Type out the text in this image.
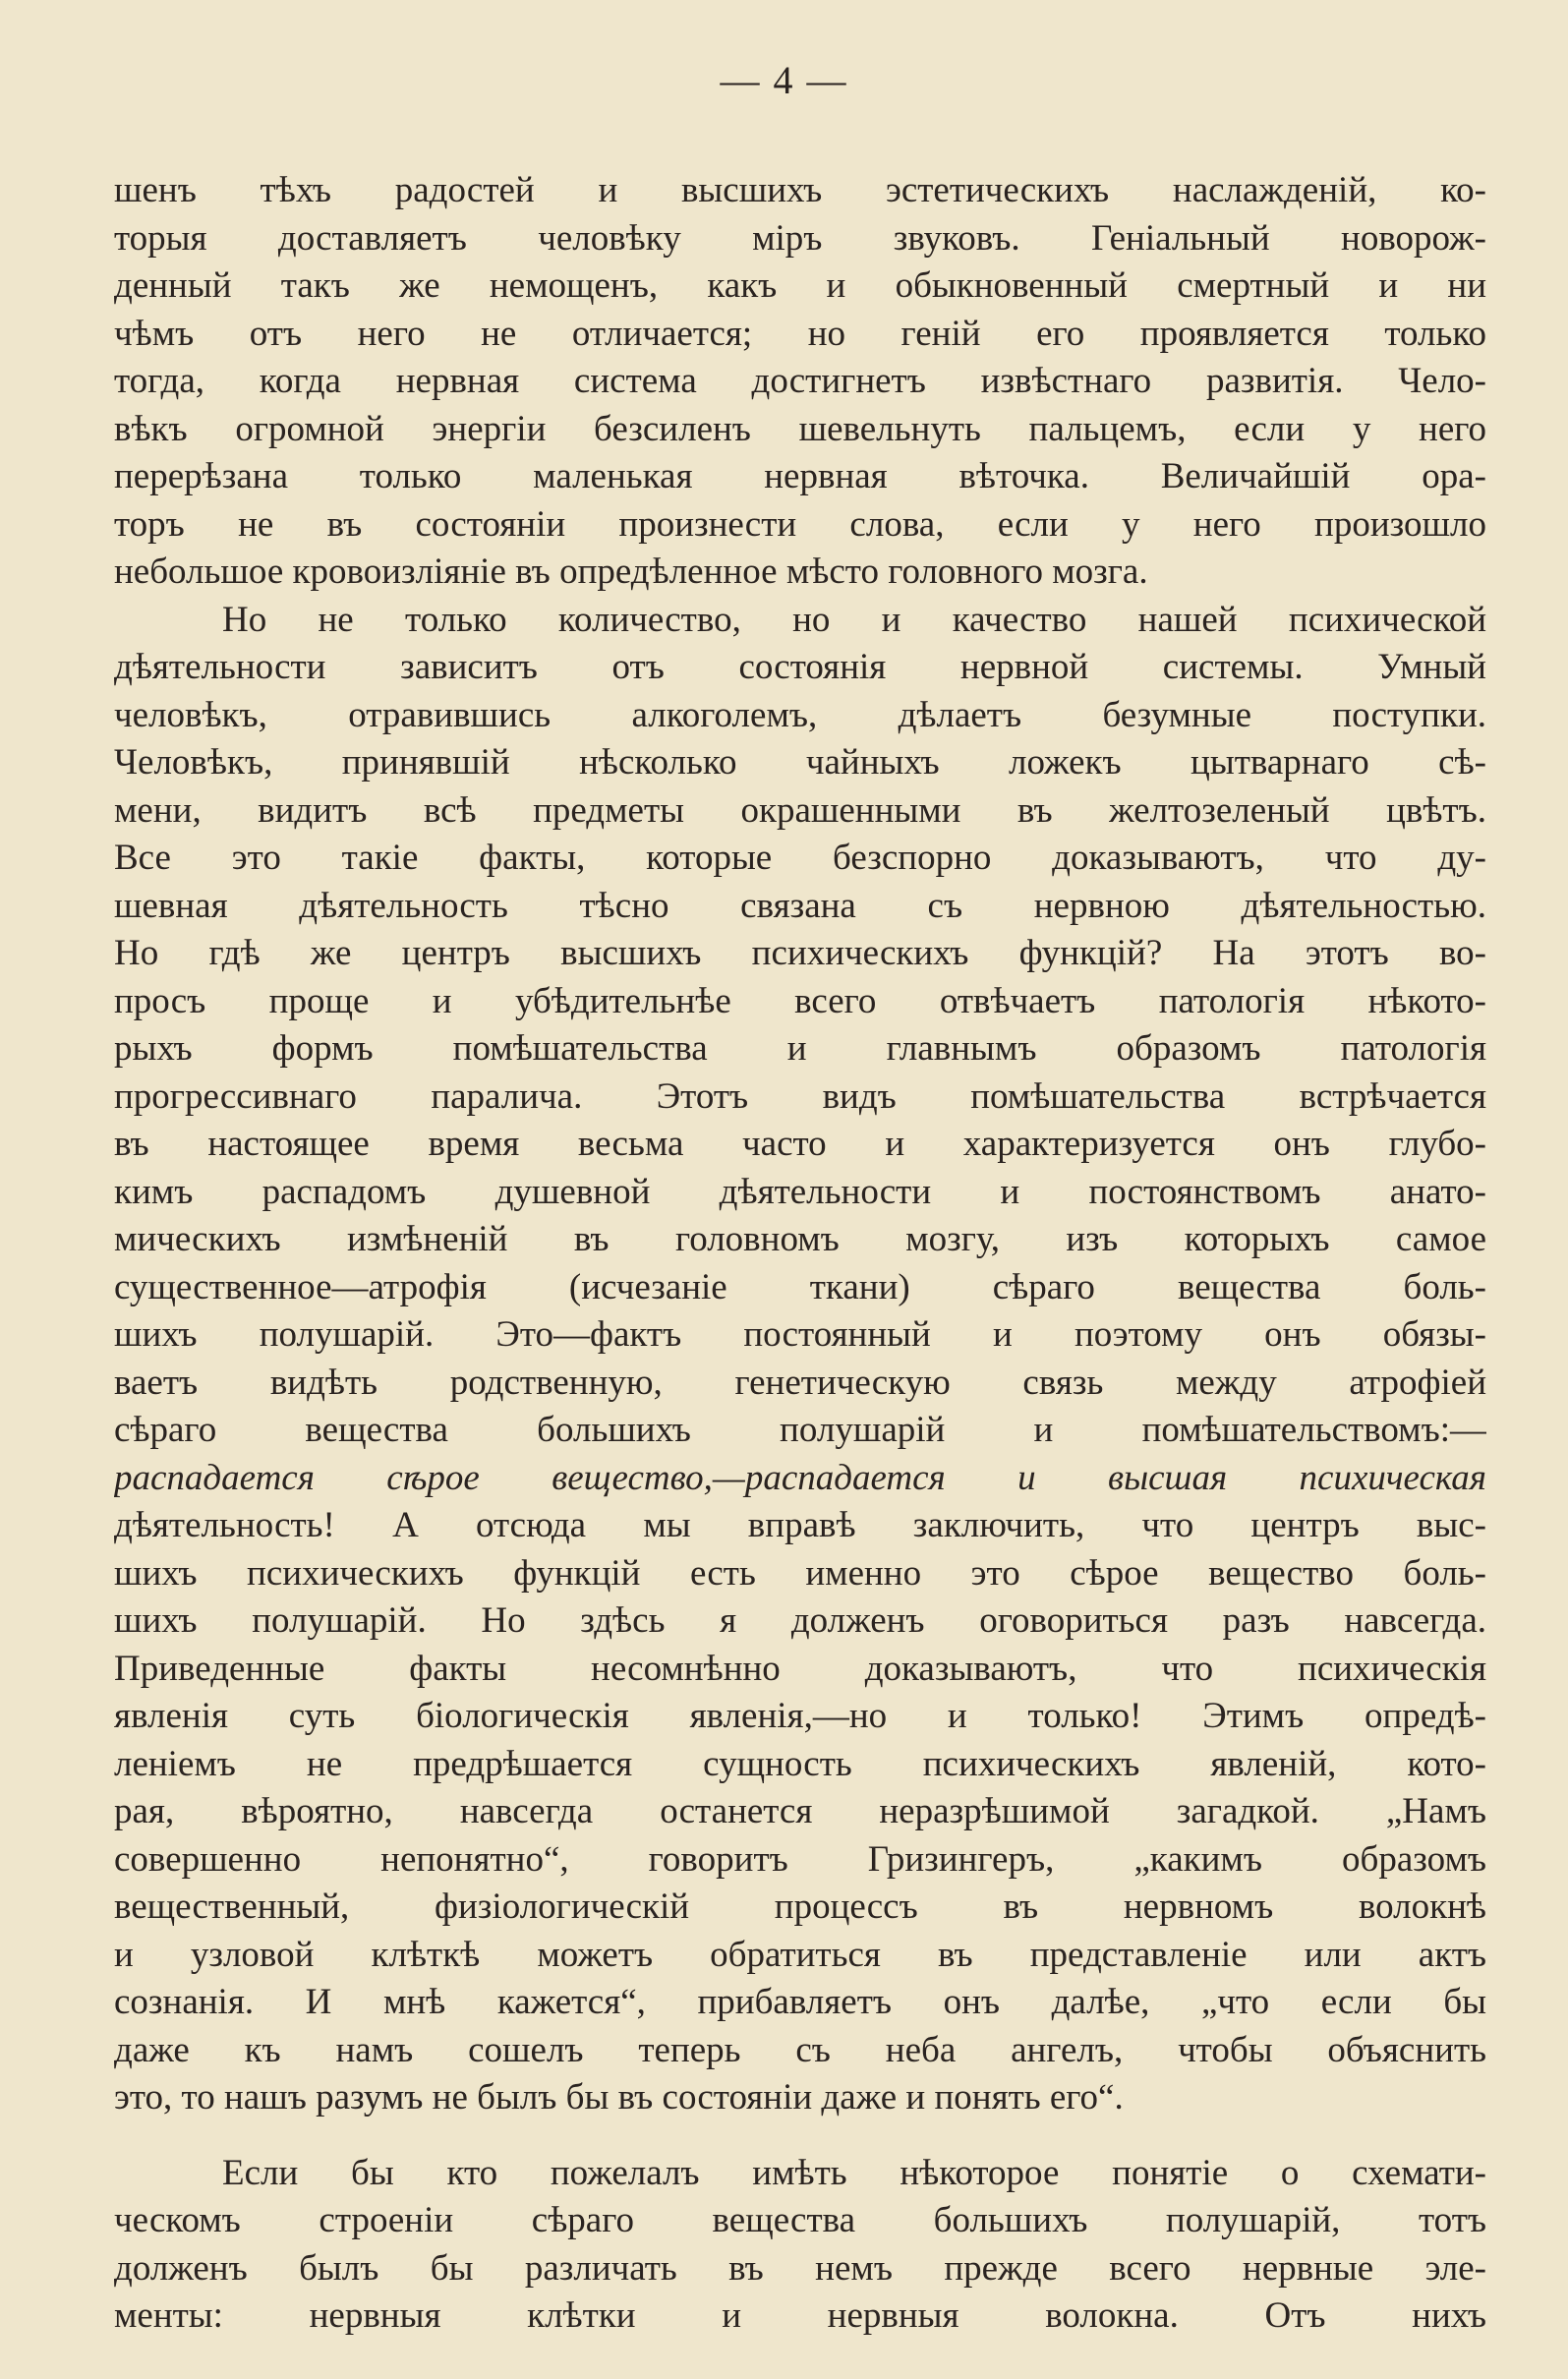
— 4 —
шенъ тѣхъ радостей и высшихъ эстетическихъ наслажденій, ко-
торыя доставляетъ человѣку міръ звуковъ. Геніальный новорож-
денный такъ же немощенъ, какъ и обыкновенный смертный и ни
чѣмъ отъ него не отличается; но геній его проявляется только
тогда, когда нервная система достигнетъ извѣстнаго развитія. Чело-
вѣкъ огромной энергіи безсиленъ шевельнуть пальцемъ, если у него
перерѣзана только маленькая нервная вѣточка. Величайшій ора-
торъ не въ состояніи произнести слова, если у него произошло
небольшое кровоизліяніе въ опредѣленное мѣсто головного мозга.
Но не только количество, но и качество нашей психической
дѣятельности зависитъ отъ состоянія нервной системы. Умный
человѣкъ, отравившись алкоголемъ, дѣлаетъ безумные поступки.
Человѣкъ, принявшій нѣсколько чайныхъ ложекъ цытварнаго сѣ-
мени, видитъ всѣ предметы окрашенными въ желтозеленый цвѣтъ.
Все это такіе факты, которые безспорно доказываютъ, что ду-
шевная дѣятельность тѣсно связана съ нервною дѣятельностью.
Но гдѣ же центръ высшихъ психическихъ функцій? На этотъ во-
просъ проще и убѣдительнѣе всего отвѣчаетъ патологія нѣкото-
рыхъ формъ помѣшательства и главнымъ образомъ патологія
прогрессивнаго паралича. Этотъ видъ помѣшательства встрѣчается
въ настоящее время весьма часто и характеризуется онъ глубо-
кимъ распадомъ душевной дѣятельности и постоянствомъ анато-
мическихъ измѣненій въ головномъ мозгу, изъ которыхъ самое
существенное—атрофія (исчезаніе ткани) сѣраго вещества боль-
шихъ полушарій. Это—фактъ постоянный и поэтому онъ обязы-
ваетъ видѣть родственную, генетическую связь между атрофіей
сѣраго вещества большихъ полушарій и помѣшательствомъ:—
распадается сѣрое вещество,—распадается и высшая психическая
дѣятельность! А отсюда мы вправѣ заключить, что центръ выс-
шихъ психическихъ функцій есть именно это сѣрое вещество боль-
шихъ полушарій. Но здѣсь я долженъ оговориться разъ навсегда.
Приведенные факты несомнѣнно доказываютъ, что психическія
явленія суть біологическія явленія,—но и только! Этимъ опредѣ-
леніемъ не предрѣшается сущность психическихъ явленій, кото-
рая, вѣроятно, навсегда останется неразрѣшимой загадкой. „Намъ
совершенно непонятно“, говоритъ Гризингеръ, „какимъ образомъ
вещественный, физіологическій процессъ въ нервномъ волокнѣ
и узловой клѣткѣ можетъ обратиться въ представленіе или актъ
сознанія. И мнѣ кажется“, прибавляетъ онъ далѣе, „что если бы
даже къ намъ сошелъ теперь съ неба ангелъ, чтобы объяснить
это, то нашъ разумъ не былъ бы въ состояніи даже и понять его“.
Если бы кто пожелалъ имѣть нѣкоторое понятіе о схемати-
ческомъ строеніи сѣраго вещества большихъ полушарій, тотъ
долженъ былъ бы различать въ немъ прежде всего нервные эле-
менты: нервныя клѣтки и нервныя волокна. Отъ нихъ
